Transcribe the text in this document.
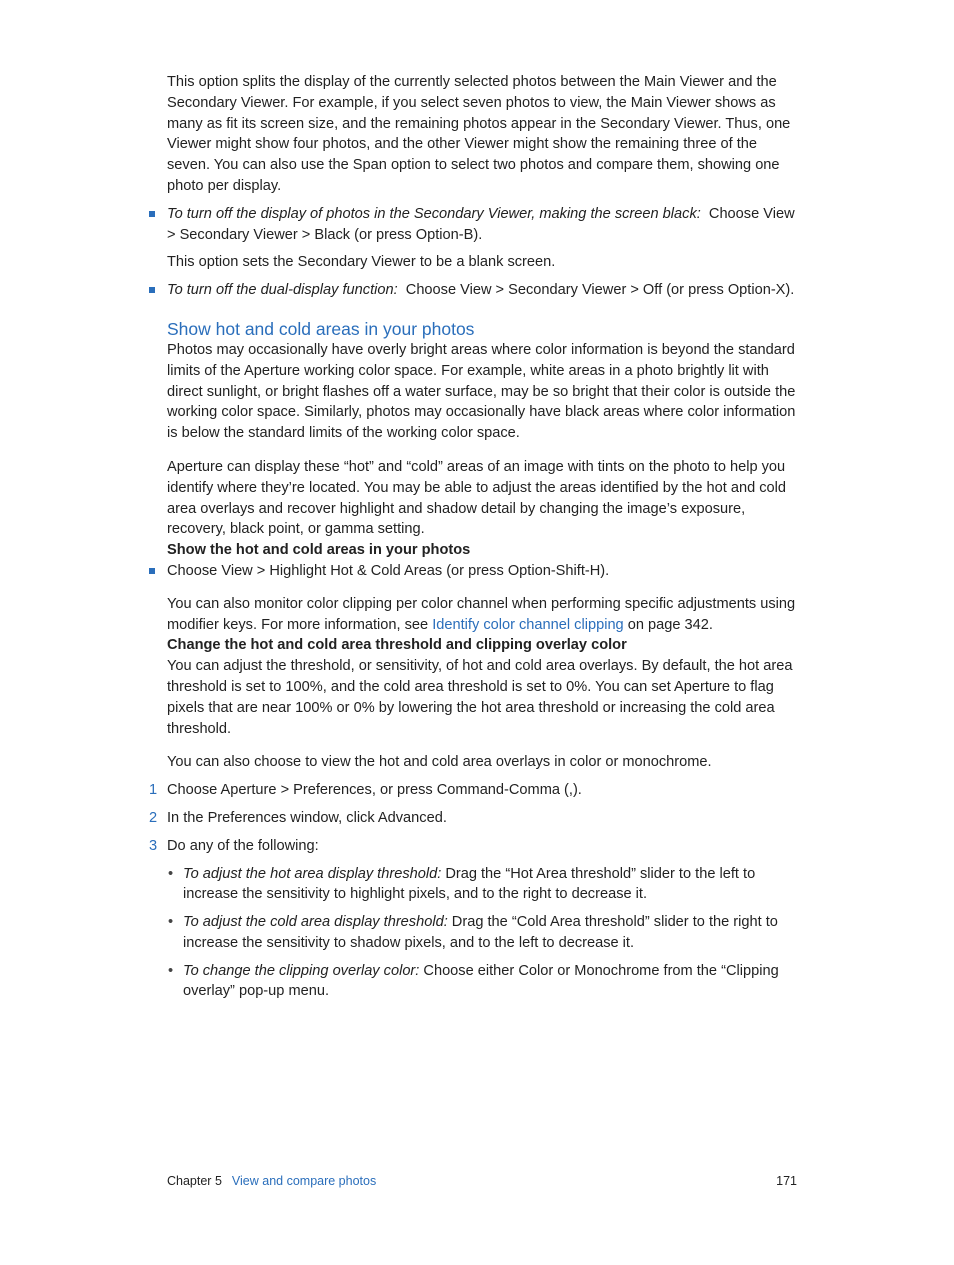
This option splits the display of the currently selected photos between the Main Viewer and the Secondary Viewer. For example, if you select seven photos to view, the Main Viewer shows as many as fit its screen size, and the remaining photos appear in the Secondary Viewer. Thus, one Viewer might show four photos, and the other Viewer might show the remaining three of the seven. You can also use the Span option to select two photos and compare them, showing one photo per display.

To turn off the display of photos in the Secondary Viewer, making the screen black: Choose View > Secondary Viewer > Black (or press Option-B).

This option sets the Secondary Viewer to be a blank screen.

To turn off the dual-display function: Choose View > Secondary Viewer > Off (or press Option-X).

Show hot and cold areas in your photos

Photos may occasionally have overly bright areas where color information is beyond the standard limits of the Aperture working color space. For example, white areas in a photo brightly lit with direct sunlight, or bright flashes off a water surface, may be so bright that their color is outside the working color space. Similarly, photos may occasionally have black areas where color information is below the standard limits of the working color space.

Aperture can display these “hot” and “cold” areas of an image with tints on the photo to help you identify where they’re located. You may be able to adjust the areas identified by the hot and cold area overlays and recover highlight and shadow detail by changing the image’s exposure, recovery, black point, or gamma setting.

Show the hot and cold areas in your photos

Choose View > Highlight Hot & Cold Areas (or press Option-Shift-H).

You can also monitor color clipping per color channel when performing specific adjustments using modifier keys. For more information, see Identify color channel clipping on page 342.

Change the hot and cold area threshold and clipping overlay color

You can adjust the threshold, or sensitivity, of hot and cold area overlays. By default, the hot area threshold is set to 100%, and the cold area threshold is set to 0%. You can set Aperture to flag pixels that are near 100% or 0% by lowering the hot area threshold or increasing the cold area threshold.

You can also choose to view the hot and cold area overlays in color or monochrome.

1 Choose Aperture > Preferences, or press Command-Comma (,).

2 In the Preferences window, click Advanced.

3 Do any of the following:

• To adjust the hot area display threshold: Drag the “Hot Area threshold” slider to the left to increase the sensitivity to highlight pixels, and to the right to decrease it.

• To adjust the cold area display threshold: Drag the “Cold Area threshold” slider to the right to increase the sensitivity to shadow pixels, and to the left to decrease it.

• To change the clipping overlay color: Choose either Color or Monochrome from the “Clipping overlay” pop-up menu.

Chapter 5 View and compare photos	171
